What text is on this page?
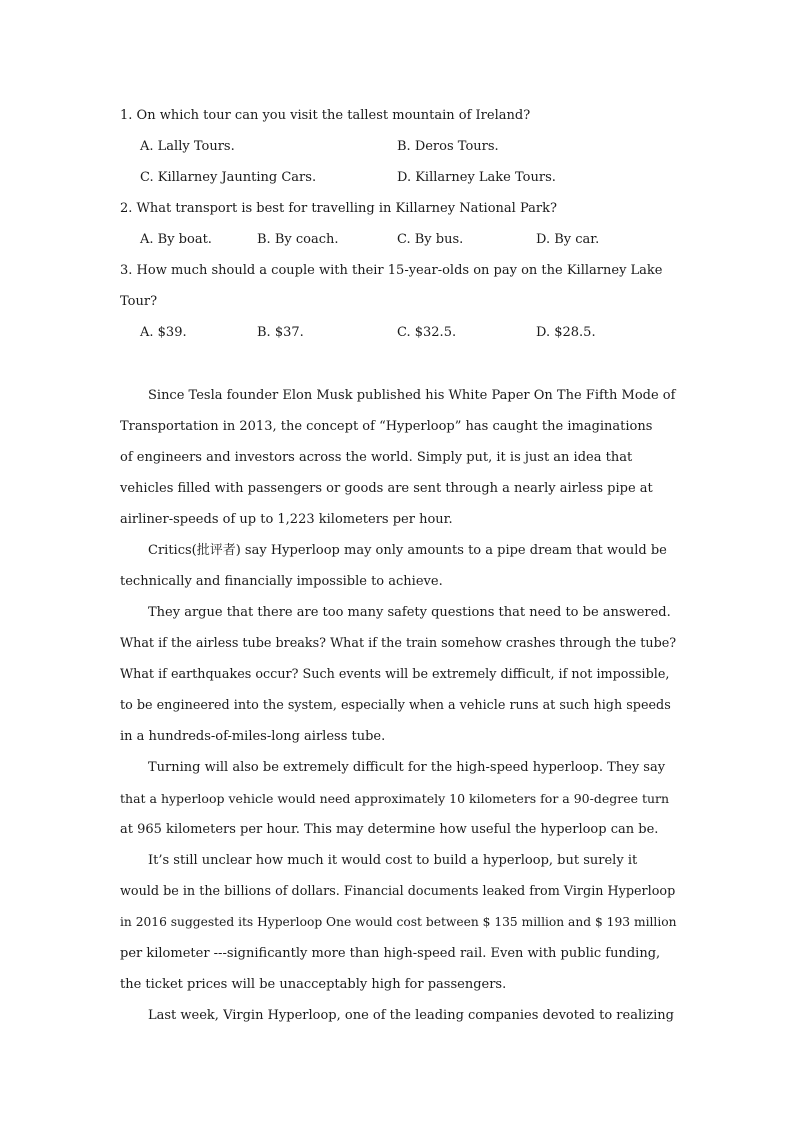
1. On which tour can you visit the tallest mountain of Ireland?
A. Lally Tours.	B. Deros Tours.
C. Killarney Jaunting Cars.	D. Killarney Lake Tours.
2. What transport is best for travelling in Killarney National Park?
A. By boat.	B. By coach.	C. By bus.	D. By car.
3. How much should a couple with their 15-year-olds on pay on the Killarney Lake
Tour?
A. $39.	B. $37.	C. $32.5.	D. $28.5.
Since Tesla founder Elon Musk published his White Paper On The Fifth Mode of
Transportation in 2013, the concept of “Hyperloop” has caught the imaginations
of engineers and investors across the world. Simply put, it is just an idea that
vehicles filled with passengers or goods are sent through a nearly airless pipe at
airliner-speeds of up to 1,223 kilometers per hour.
Critics(批评者) say Hyperloop may only amounts to a pipe dream that would be
technically and financially impossible to achieve.
They argue that there are too many safety questions that need to be answered.
What if the airless tube breaks? What if the train somehow crashes through the tube?
What if earthquakes occur? Such events will be extremely difficult, if not impossible,
to be engineered into the system, especially when a vehicle runs at such high speeds
in a hundreds-of-miles-long airless tube.
Turning will also be extremely difficult for the high-speed hyperloop. They say
that a hyperloop vehicle would need approximately 10 kilometers for a 90-degree turn
at 965 kilometers per hour. This may determine how useful the hyperloop can be.
It’s still unclear how much it would cost to build a hyperloop, but surely it
would be in the billions of dollars. Financial documents leaked from Virgin Hyperloop
in 2016 suggested its Hyperloop One would cost between $ 135 million and $ 193 million
per kilometer ---significantly more than high-speed rail. Even with public funding,
the ticket prices will be unacceptably high for passengers.
Last week, Virgin Hyperloop, one of the leading companies devoted to realizing
